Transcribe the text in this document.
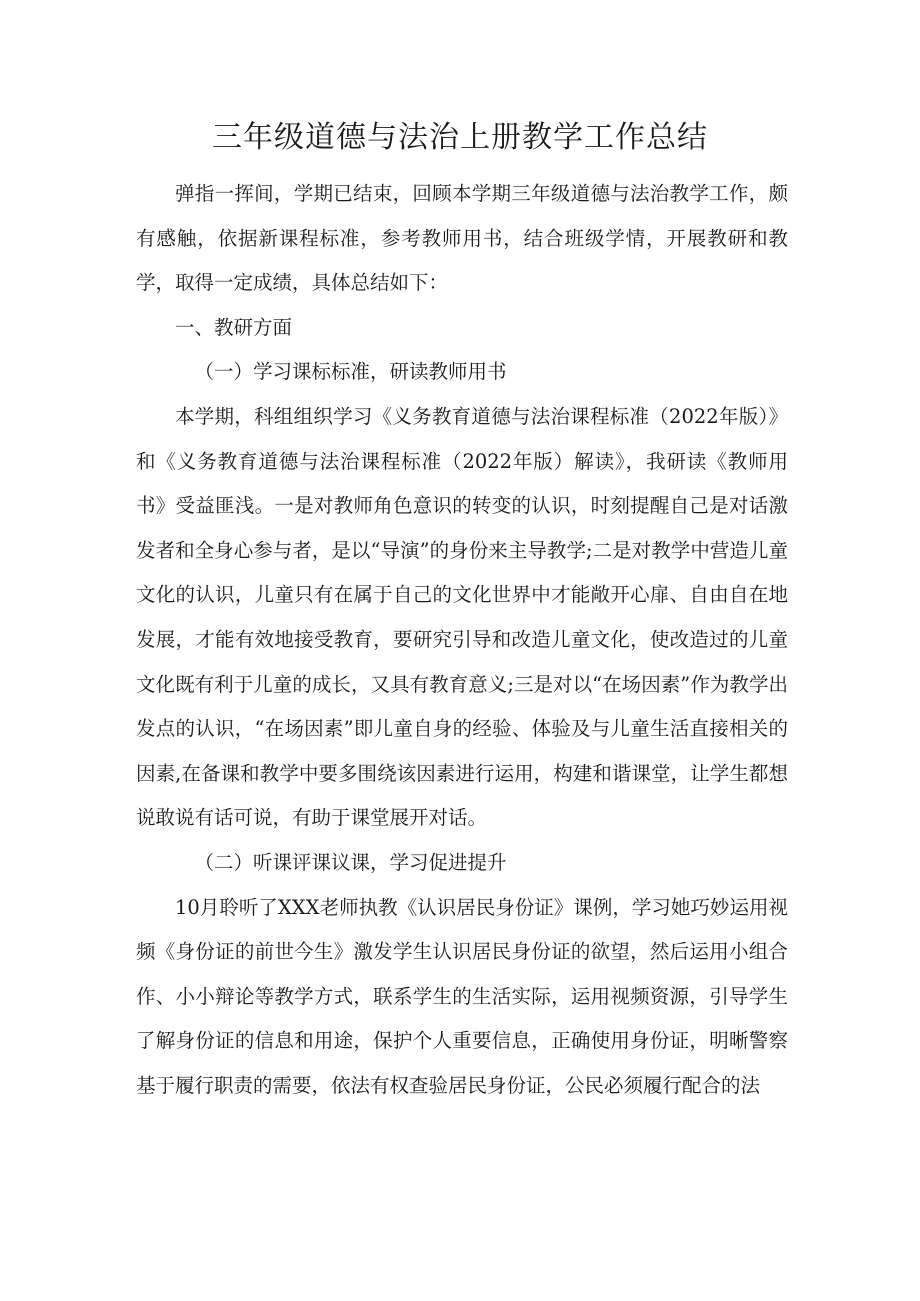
三年级道德与法治上册教学工作总结

弹指一挥间，学期已结束，回顾本学期三年级道德与法治教学工作，颇有感触，依据新课程标准，参考教师用书，结合班级学情，开展教研和教学，取得一定成绩，具体总结如下：

一、教研方面

（一）学习课标标准，研读教师用书

本学期，科组组织学习《义务教育道德与法治课程标准（2022年版）》和《义务教育道德与法治课程标准（2022年版）解读》，我研读《教师用书》受益匪浅。一是对教师角色意识的转变的认识，时刻提醒自己是对话激发者和全身心参与者，是以“导演”的身份来主导教学;二是对教学中营造儿童文化的认识，儿童只有在属于自己的文化世界中才能敞开心扉、自由自在地发展，才能有效地接受教育，要研究引导和改造儿童文化，使改造过的儿童文化既有利于儿童的成长，又具有教育意义;三是对以“在场因素”作为教学出发点的认识，“在场因素”即儿童自身的经验、体验及与儿童生活直接相关的因素,在备课和教学中要多围绕该因素进行运用，构建和谐课堂，让学生都想说敢说有话可说，有助于课堂展开对话。

（二）听课评课议课，学习促进提升

10月聆听了XXX老师执教《认识居民身份证》课例，学习她巧妙运用视频《身份证的前世今生》激发学生认识居民身份证的欲望，然后运用小组合作、小小辩论等教学方式，联系学生的生活实际，运用视频资源，引导学生了解身份证的信息和用途，保护个人重要信息，正确使用身份证，明晰警察基于履行职责的需要，依法有权查验居民身份证，公民必须履行配合的法
